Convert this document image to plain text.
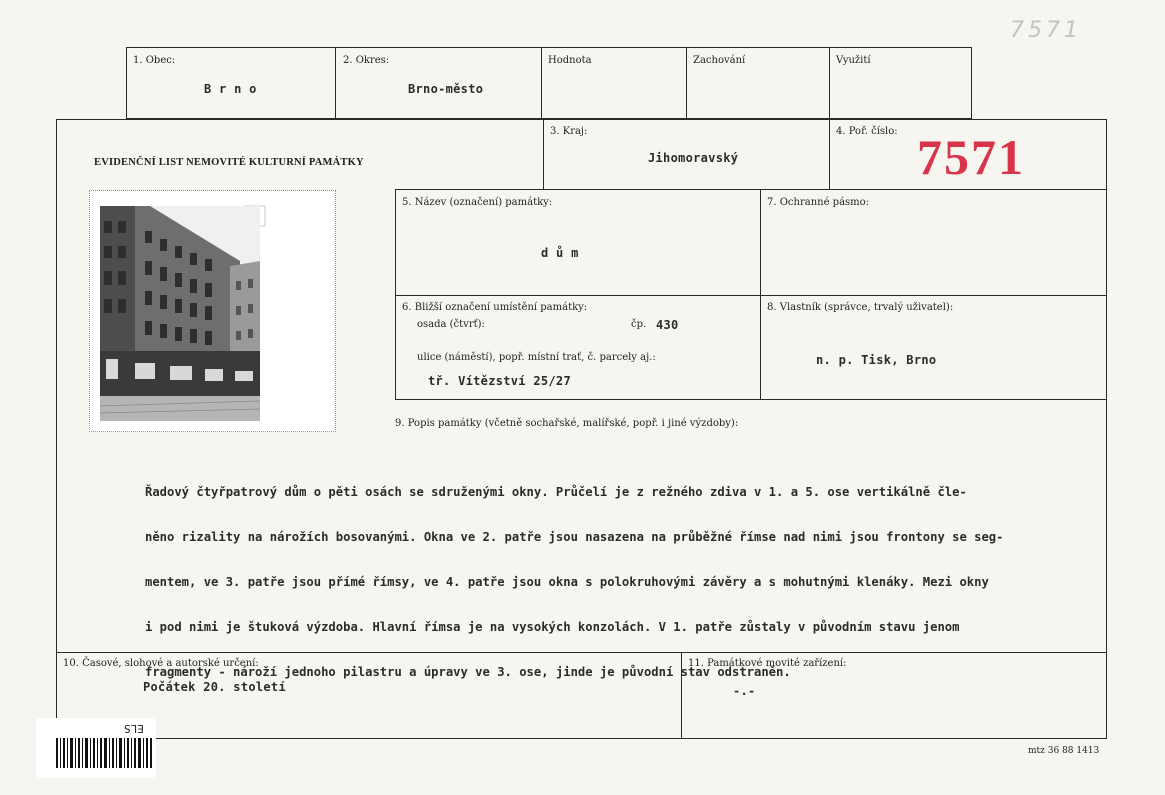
7571
1. Obec:
B r n o
2. Okres:
Brno-město
Hodnota	Zachování	Využití
EVIDENČNÍ LIST NEMOVITÉ KULTURNÍ PAMÁTKY
3. Kraj:
Jihomoravský
4. Poř. číslo: 7571
5. Název (označení) památky:
d ů m
7. Ochranné pásmo:
6. Bližší označení umístění památky:
osada (čtvrť):	čp. 430
ulice (náměstí), popř. místní trať, č. parcely aj.:
tř. Vítězství 25/27
8. Vlastník (správce, trvalý uživatel):
n. p. Tisk, Brno
9. Popis památky (včetně sochařské, malířské, popř. i jiné výzdoby):

Řadový čtyřpatrový dům o pěti osách se sdruženými okny. Průčelí je z režného zdiva v 1. a 5. ose vertikálně čle-

něno rizality na nárožích bosovanými. Okna ve 2. patře jsou nasazena na průběžné římse nad nimi jsou frontony se seg-

mentem, ve 3. patře jsou přímé římsy, ve 4. patře jsou okna s polokruhovými závěry a s mohutnými klenáky. Mezi okny

i pod nimi je štuková výzdoba. Hlavní římsa je na vysokých konzolách. V 1. patře zůstaly v původním stavu jenom

fragmenty - nároží jednoho pilastru a úpravy ve 3. ose, jinde je původní stav odstraněn.

10. Časové, slohové a autorské určení:
Počátek 20. století
11. Památkové movité zařízení:
-.-
mtz 36 88 1413
ELS
